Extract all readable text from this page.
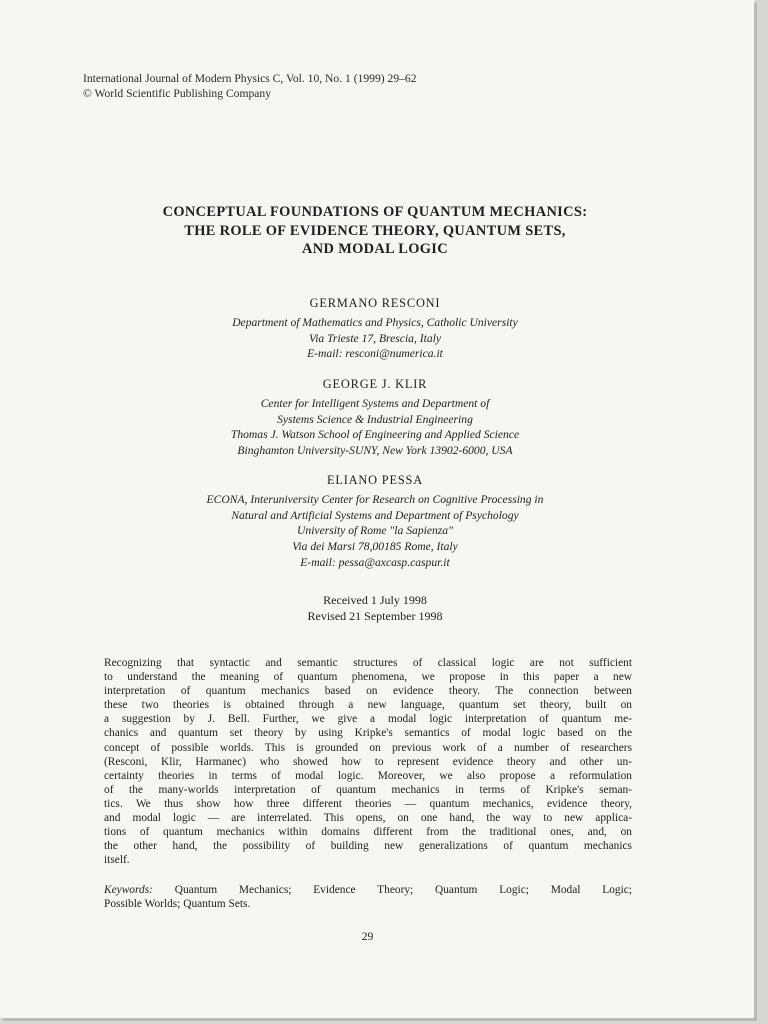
International Journal of Modern Physics C, Vol. 10, No. 1 (1999) 29–62
© World Scientific Publishing Company
CONCEPTUAL FOUNDATIONS OF QUANTUM MECHANICS:
THE ROLE OF EVIDENCE THEORY, QUANTUM SETS,
AND MODAL LOGIC
GERMANO RESCONI
Department of Mathematics and Physics, Catholic University
Via Trieste 17, Brescia, Italy
E-mail: resconi@numerica.it
GEORGE J. KLIR
Center for Intelligent Systems and Department of
Systems Science & Industrial Engineering
Thomas J. Watson School of Engineering and Applied Science
Binghamton University-SUNY, New York 13902-6000, USA
ELIANO PESSA
ECONA, Interuniversity Center for Research on Cognitive Processing in
Natural and Artificial Systems and Department of Psychology
University of Rome "la Sapienza"
Via dei Marsi 78,00185 Rome, Italy
E-mail: pessa@axcasp.caspur.it
Received 1 July 1998
Revised 21 September 1998
Recognizing that syntactic and semantic structures of classical logic are not sufficient
to understand the meaning of quantum phenomena, we propose in this paper a new
interpretation of quantum mechanics based on evidence theory. The connection between
these two theories is obtained through a new language, quantum set theory, built on
a suggestion by J. Bell. Further, we give a modal logic interpretation of quantum me-
chanics and quantum set theory by using Kripke's semantics of modal logic based on the
concept of possible worlds. This is grounded on previous work of a number of researchers
(Resconi, Klir, Harmanec) who showed how to represent evidence theory and other un-
certainty theories in terms of modal logic. Moreover, we also propose a reformulation
of the many-worlds interpretation of quantum mechanics in terms of Kripke's seman-
tics. We thus show how three different theories — quantum mechanics, evidence theory,
and modal logic — are interrelated. This opens, on one hand, the way to new applica-
tions of quantum mechanics within domains different from the traditional ones, and, on
the other hand, the possibility of building new generalizations of quantum mechanics
itself.
Keywords: Quantum Mechanics; Evidence Theory; Quantum Logic; Modal Logic;
Possible Worlds; Quantum Sets.
29
